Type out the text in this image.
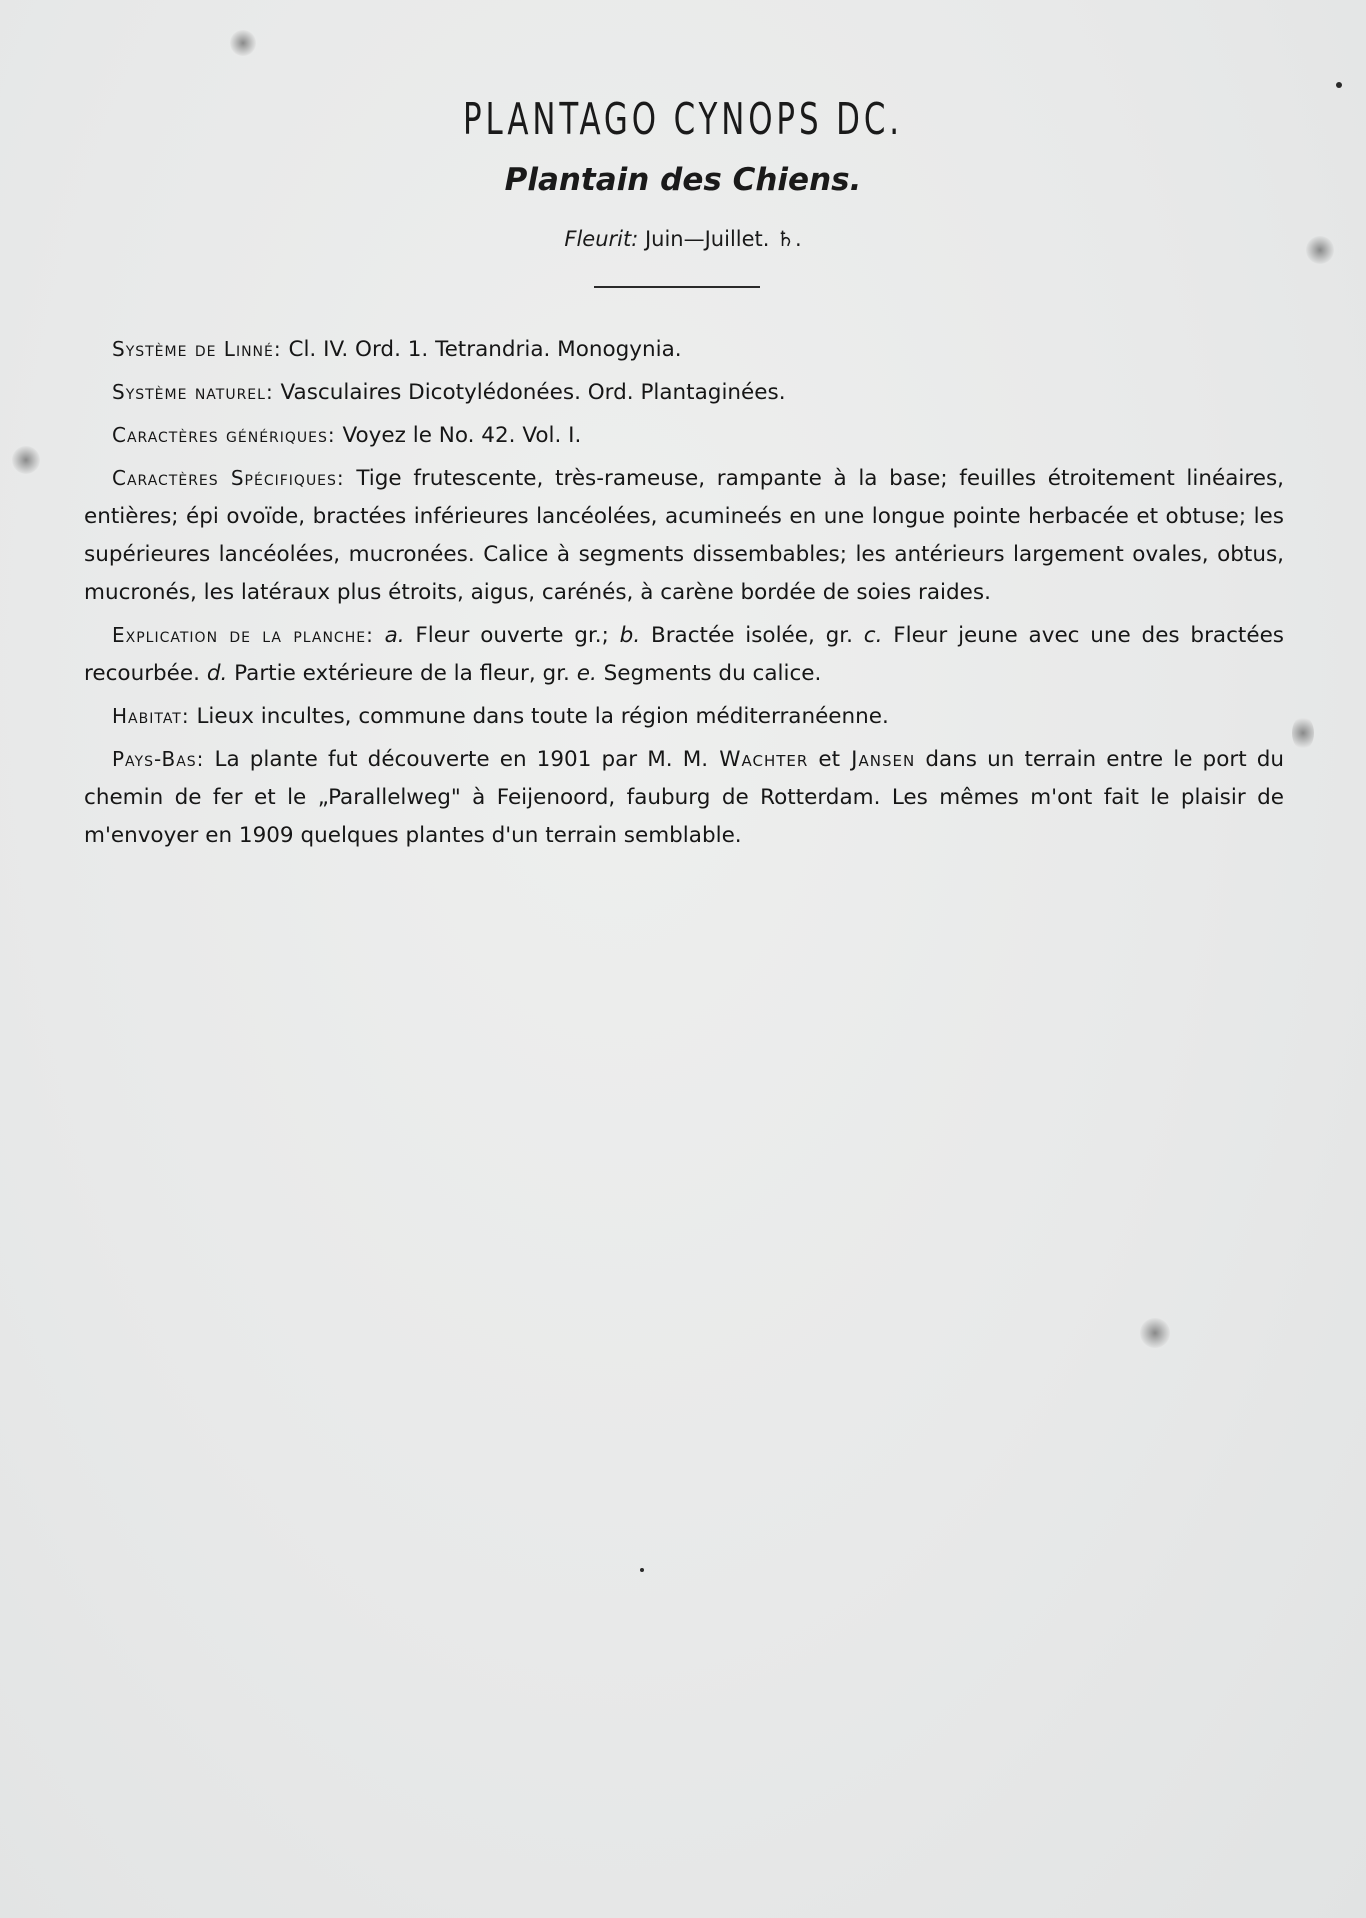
PLANTAGO CYNOPS DC.
Plantain des Chiens.
Fleurit: Juin—Juillet. ♄.

Système de Linné: Cl. IV. Ord. 1. Tetrandria. Monogynia.

Système naturel: Vasculaires Dicotylédonées. Ord. Plantaginées.

Caractères génériques: Voyez le No. 42. Vol. I.

Caractères Spécifiques: Tige frutescente, très-rameuse, rampante à la base; feuilles étroitement linéaires, entières; épi ovoïde, bractées inférieures lancéolées, acumineés en une longue pointe herbacée et obtuse; les supérieures lancéolées, mucronées. Calice à segments dissembables; les antérieurs largement ovales, obtus, mucronés, les latéraux plus étroits, aigus, carénés, à carène bordée de soies raides.

Explication de la planche: a. Fleur ouverte gr.; b. Bractée isolée, gr. c. Fleur jeune avec une des bractées recourbée. d. Partie extérieure de la fleur, gr. e. Segments du calice.

Habitat: Lieux incultes, commune dans toute la région méditerranéenne.

Pays-Bas: La plante fut découverte en 1901 par M. M. Wachter et Jansen dans un terrain entre le port du chemin de fer et le „Parallelweg" à Feijenoord, fauburg de Rotterdam. Les mêmes m'ont fait le plaisir de m'envoyer en 1909 quelques plantes d'un terrain semblable.
